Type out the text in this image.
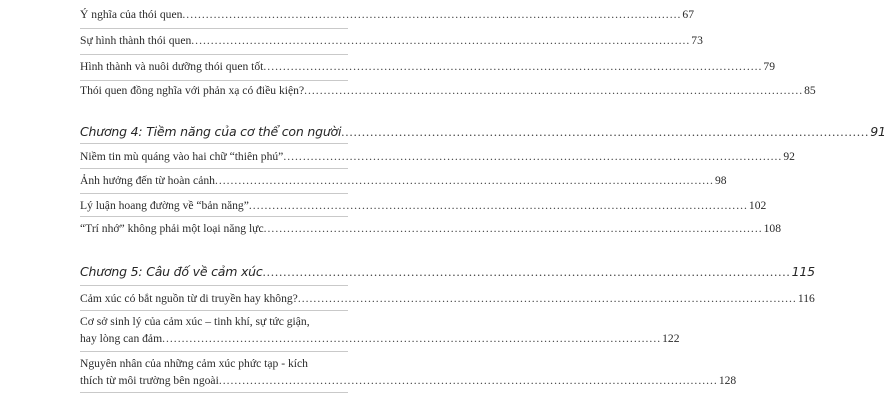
Ý nghĩa của thói quen ................................................................................................................................ 67
Sự hình thành thói quen ................................................................................................................................ 73
Hình thành và nuôi dưỡng thói quen tốt ................................................................................................................................ 79
Thói quen đồng nghĩa với phản xạ có điều kiện? ................................................................................................................................ 85
Chương 4: Tiềm năng của cơ thể con người ................................................................................................................................ 91
Niềm tin mù quáng vào hai chữ “thiên phú” ................................................................................................................................ 92
Ảnh hưởng đến từ hoàn cảnh ................................................................................................................................ 98
Lý luận hoang đường về “bản năng” ................................................................................................................................ 102
“Trí nhớ” không phải một loại năng lực ................................................................................................................................ 108
Chương 5: Câu đố về cảm xúc ................................................................................................................................ 115
Cảm xúc có bắt nguồn từ di truyền hay không? ................................................................................................................................ 116
Cơ sở sinh lý của cảm xúc – tinh khí, sự tức giận,
hay lòng can đảm ................................................................................................................................ 122
Nguyên nhân của những cảm xúc phức tạp - kích
thích từ môi trường bên ngoài ................................................................................................................................ 128
